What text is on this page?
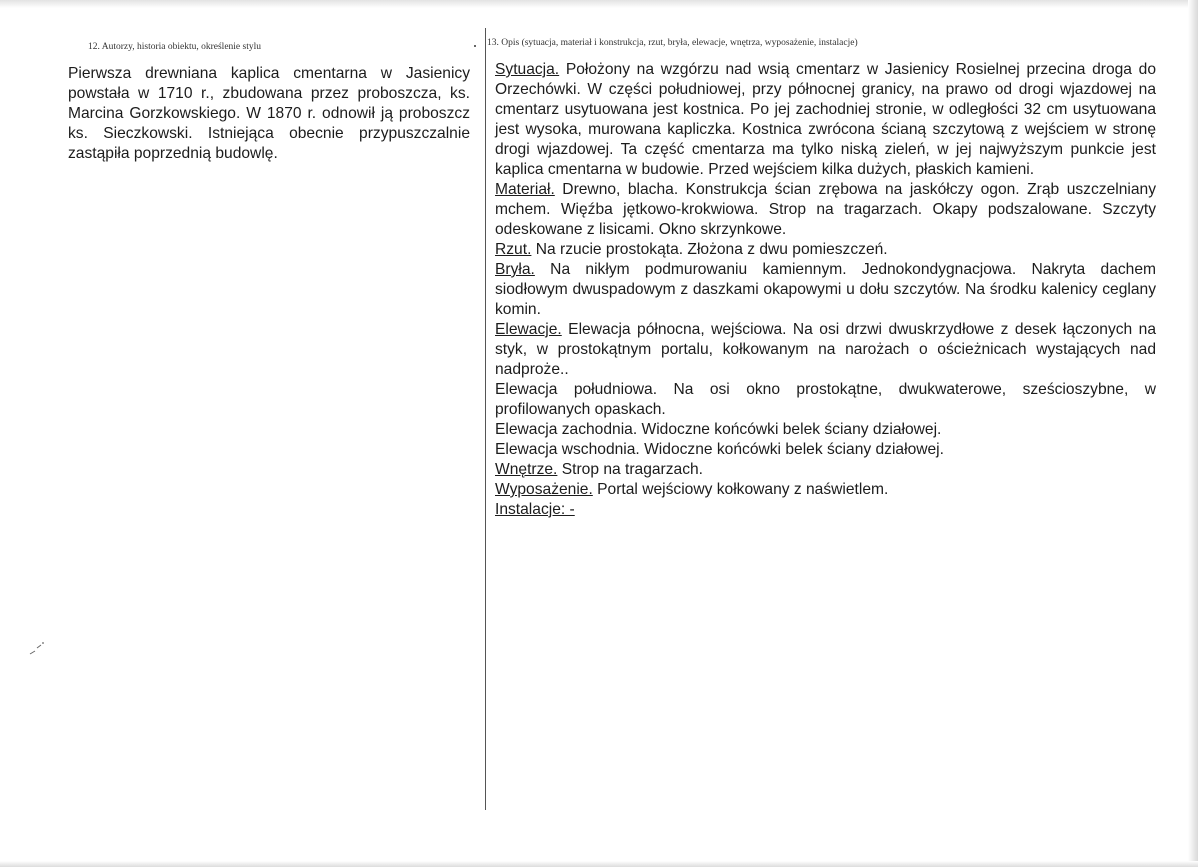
12. Autorzy, historia obiektu, określenie stylu	13. Opis (sytuacja, materiał i konstrukcja, rzut, bryła, elewacje, wnętrza, wyposażenie, instalacje)
Pierwsza drewniana kaplica cmentarna w Jasienicy powstała w 1710 r., zbudowana przez proboszcza, ks. Marcina Gorzkowskiego. W 1870 r. odnowił ją proboszcz ks. Sieczkowski. Istniejąca obecnie przypuszczalnie zastąpiła poprzednią budowlę.

Sytuacja. Położony na wzgórzu nad wsią cmentarz w Jasienicy Rosielnej przecina droga do Orzechówki. W części południowej, przy północnej granicy, na prawo od drogi wjazdowej na cmentarz usytuowana jest kostnica. Po jej zachodniej stronie, w odległości 32 cm usytuowana jest wysoka, murowana kapliczka. Kostnica zwrócona ścianą szczytową z wejściem w stronę drogi wjazdowej. Ta część cmentarza ma tylko niską zieleń, w jej najwyższym punkcie jest kaplica cmentarna w budowie. Przed wejściem kilka dużych, płaskich kamieni.

Materiał. Drewno, blacha. Konstrukcja ścian zrębowa na jaskółczy ogon. Zrąb uszczelniany mchem. Więźba jętkowo-krokwiowa. Strop na tragarzach. Okapy podszalowane. Szczyty odeskowane z lisicami. Okno skrzynkowe.

Rzut. Na rzucie prostokąta. Złożona z dwu pomieszczeń.

Bryła. Na nikłym podmurowaniu kamiennym. Jednokondygnacjowa. Nakryta dachem siodłowym dwuspadowym z daszkami okapowymi u dołu szczytów. Na środku kalenicy ceglany komin.

Elewacje. Elewacja północna, wejściowa. Na osi drzwi dwuskrzydłowe z desek łączonych na styk, w prostokątnym portalu, kołkowanym na narożach o ościeżnicach wystających nad nadproże..

Elewacja południowa. Na osi okno prostokątne, dwukwaterowe, sześcioszybne, w profilowanych opaskach.

Elewacja zachodnia. Widoczne końcówki belek ściany działowej.

Elewacja wschodnia. Widoczne końcówki belek ściany działowej.

Wnętrze. Strop na tragarzach.

Wyposażenie. Portal wejściowy kołkowany z naświetlem.

Instalacje: -
